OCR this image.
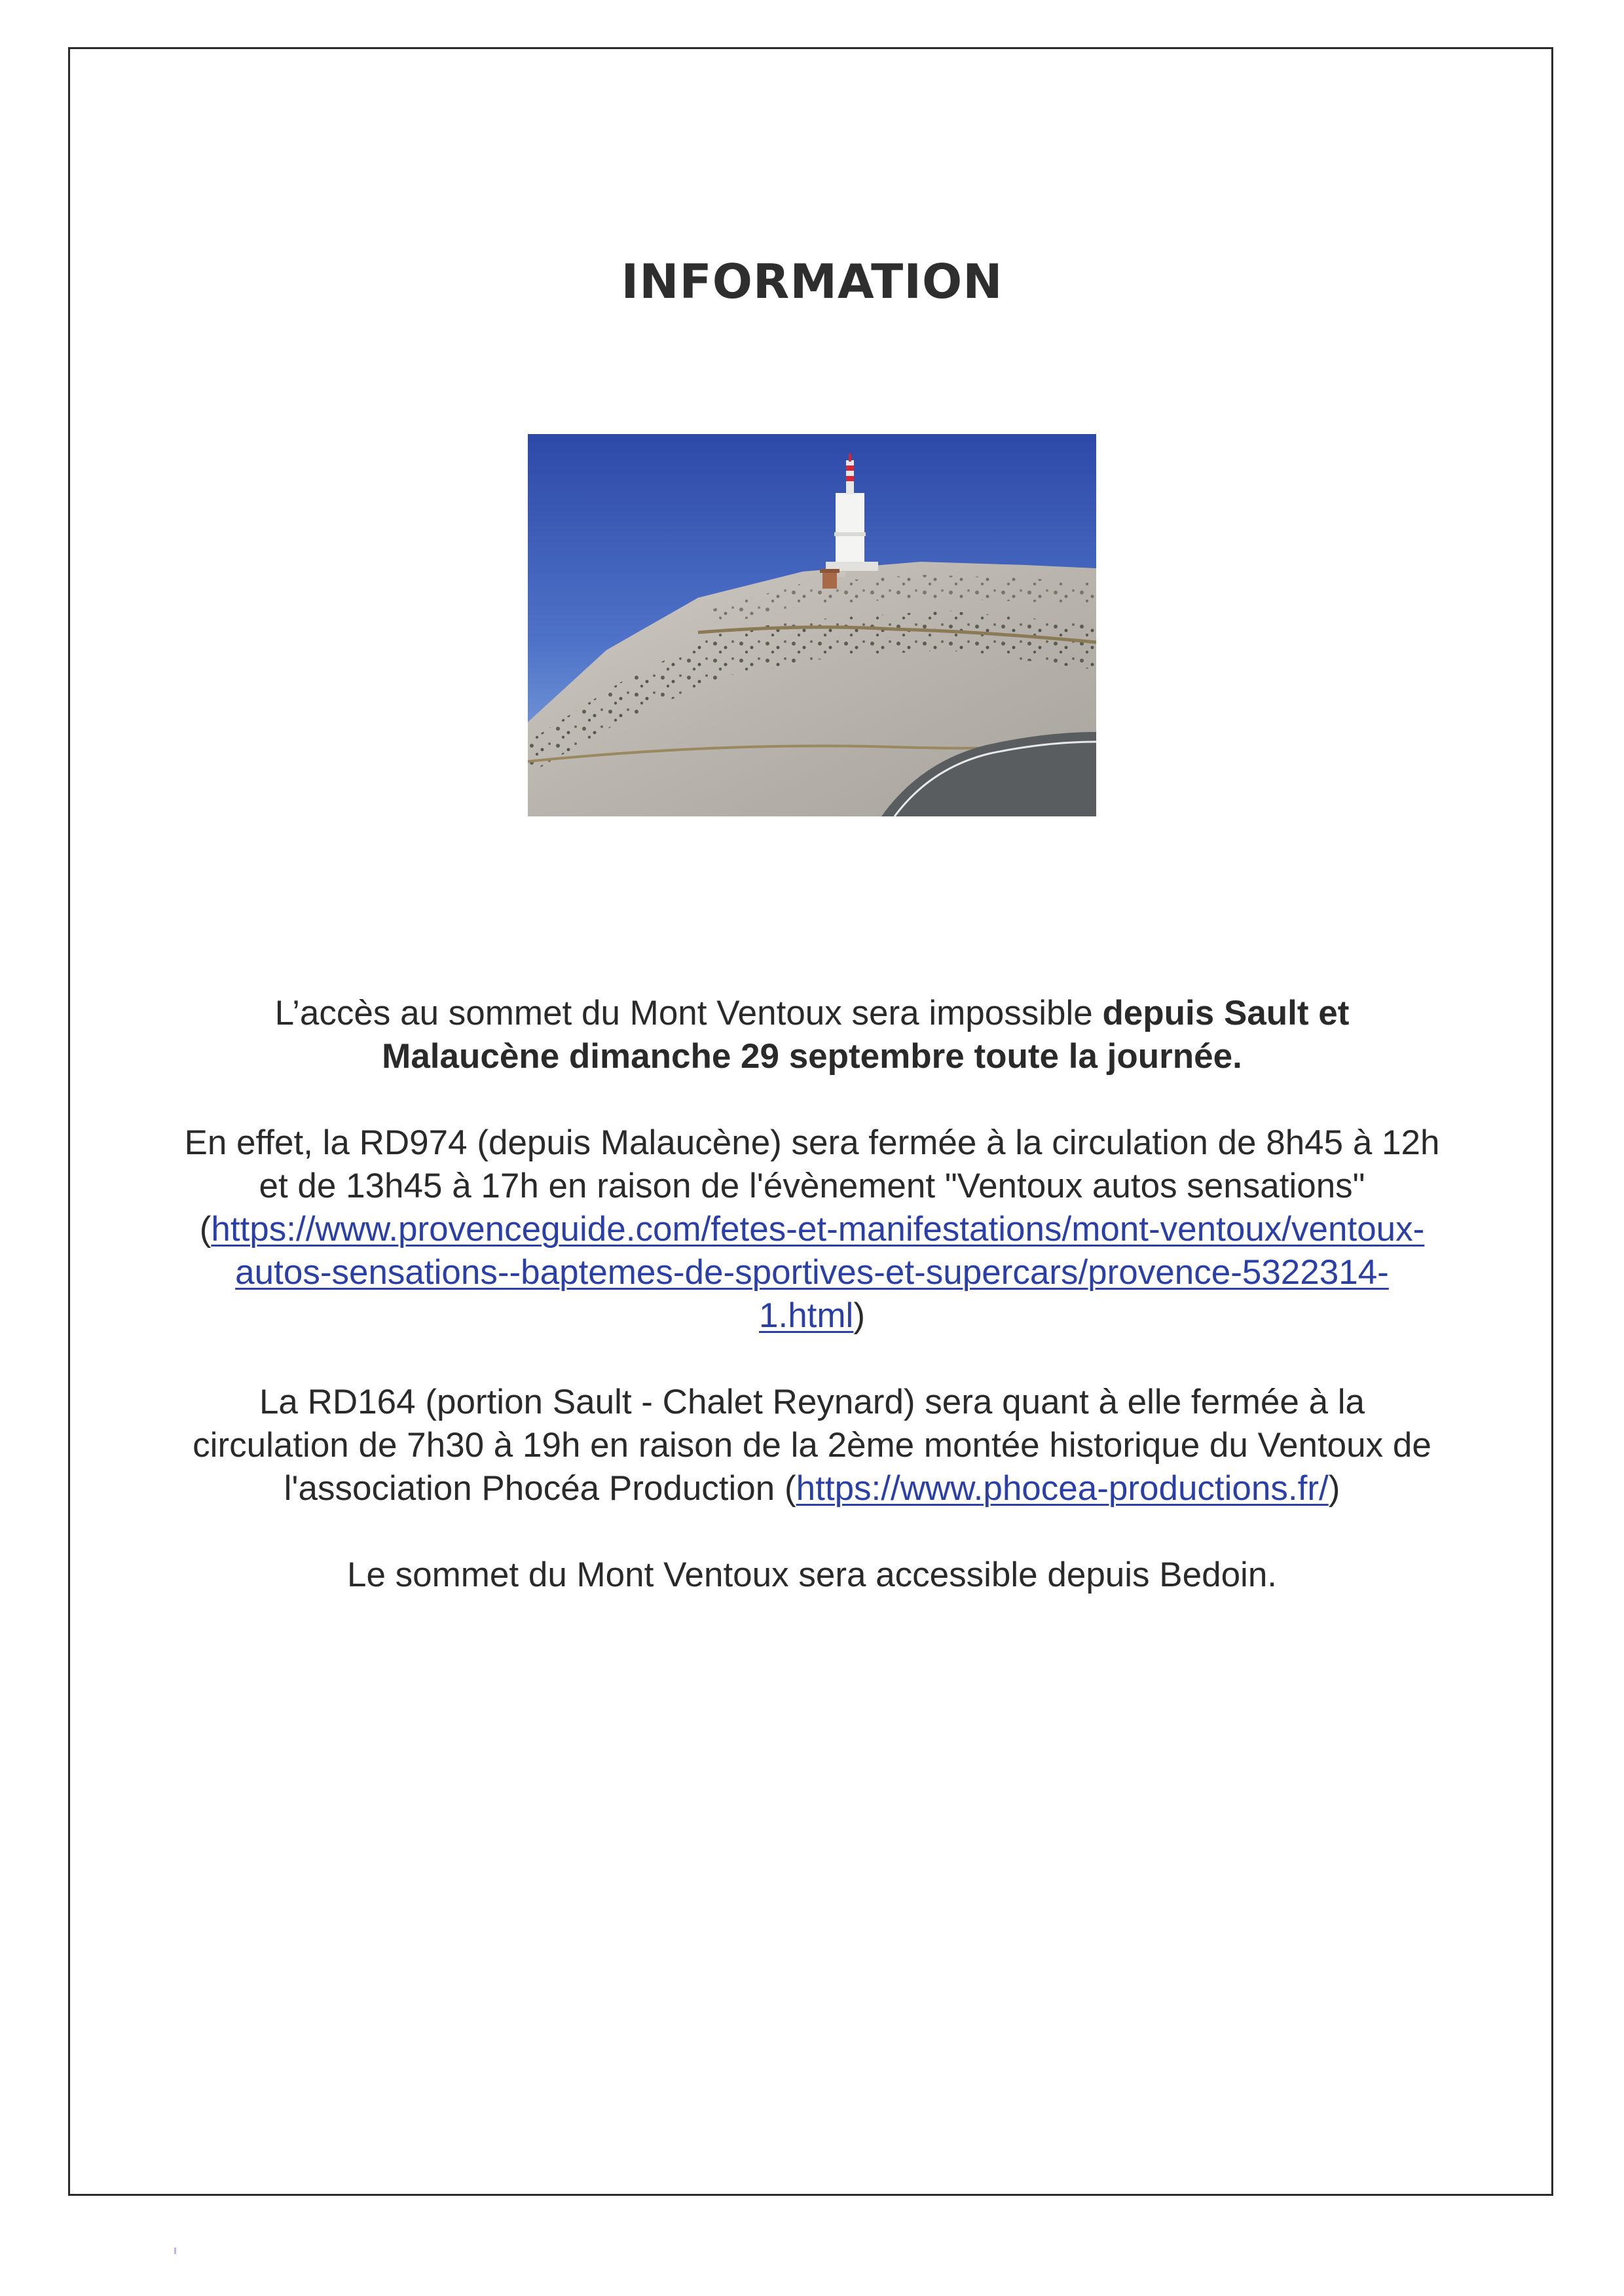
INFORMATION

L’accès au sommet du Mont Ventoux sera impossible depuis Sault et Malaucène dimanche 29 septembre toute la journée.

En effet, la RD974 (depuis Malaucène) sera fermée à la circulation de 8h45 à 12h et de 13h45 à 17h en raison de l'évènement "Ventoux autos sensations" (https://www.provenceguide.com/fetes-et-manifestations/mont-ventoux/ventoux-autos-sensations--baptemes-de-sportives-et-supercars/provence-5322314-1.html)

La RD164 (portion Sault - Chalet Reynard) sera quant à elle fermée à la circulation de 7h30 à 19h en raison de la 2ème montée historique du Ventoux de l'association Phocéa Production (https://www.phocea-productions.fr/)

Le sommet du Mont Ventoux sera accessible depuis Bedoin.
